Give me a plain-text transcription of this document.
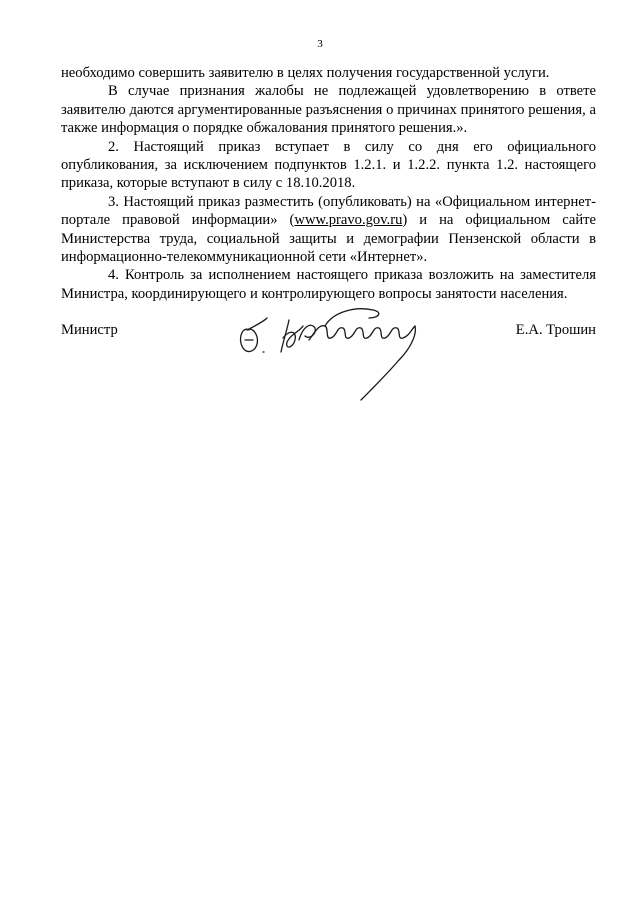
3

необходимо совершить заявителю в целях получения государственной услуги.

В случае признания жалобы не подлежащей удовлетворению в ответе заявителю даются аргументированные разъяснения о причинах принятого решения, а также информация о порядке обжалования принятого решения.».

2. Настоящий приказ вступает в силу со дня его официального опубликования, за исключением подпунктов 1.2.1. и 1.2.2. пункта 1.2. настоящего приказа, которые вступают в силу с 18.10.2018.

3. Настоящий приказ разместить (опубликовать) на «Официальном интернет-портале правовой информации» (www.pravo.gov.ru) и на официальном сайте Министерства труда, социальной защиты и демографии Пензенской области в информационно-телекоммуникационной сети «Интернет».

4. Контроль за исполнением настоящего приказа возложить на заместителя Министра, координирующего и контролирующего вопросы занятости населения.

Министр	Е.А. Трошин
